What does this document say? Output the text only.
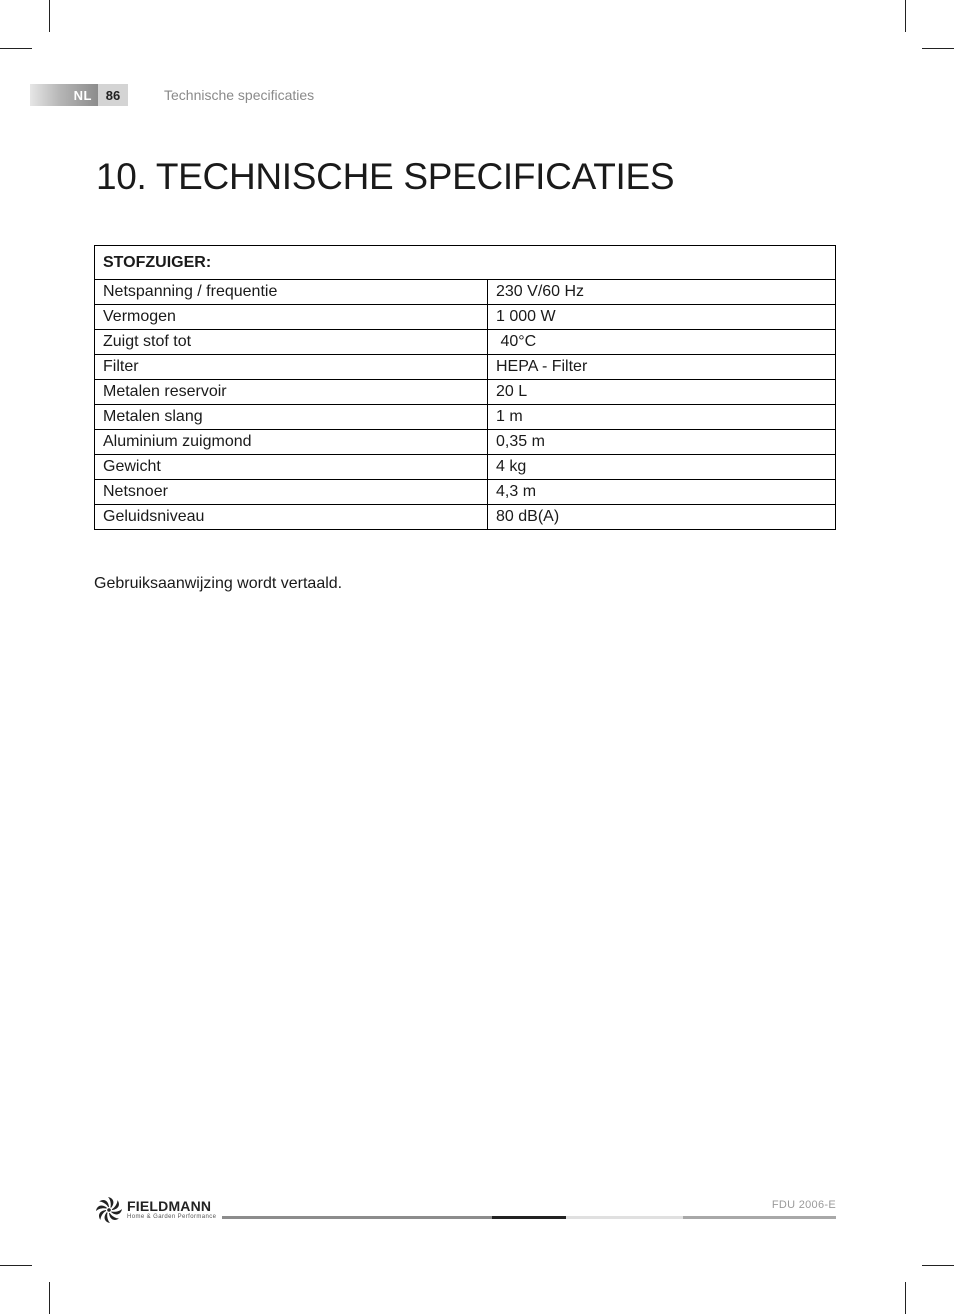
NL	86	Technische specificaties
10. TECHNISCHE SPECIFICATIES
STOFZUIGER:	
Netspanning / frequentie	230 V/60 Hz
Vermogen	1 000 W
Zuigt stof tot	40°C
Filter	HEPA - Filter
Metalen reservoir	20 L
Metalen slang	1 m
Aluminium zuigmond	0,35 m
Gewicht	4 kg
Netsnoer	4,3 m
Geluidsniveau	80 dB(A)
Gebruiksaanwijzing wordt vertaald.
FIELDMANN
Home & Garden Performance
FDU 2006-E
